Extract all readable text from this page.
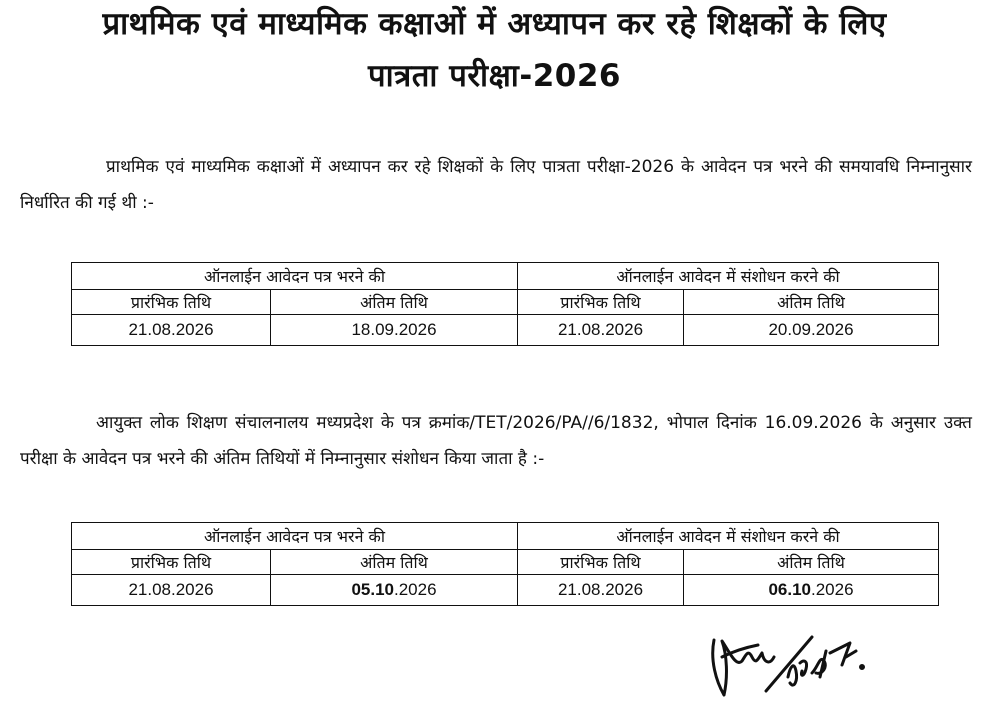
प्राथमिक एवं माध्यमिक कक्षाओं में अध्यापन कर रहे शिक्षकों के लिए
पात्रता परीक्षा-2026
प्राथमिक एवं माध्यमिक कक्षाओं में अध्यापन कर रहे शिक्षकों के लिए पात्रता परीक्षा-2026 के आवेदन पत्र भरने की समयावधि निम्नानुसार निर्धारित की गई थी :-
ऑनलाईन आवेदन पत्र भरने की		ऑनलाईन आवेदन में संशोधन करने की	
प्रारंभिक तिथि	अंतिम तिथि	प्रारंभिक तिथि	अंतिम तिथि
21.08.2026	18.09.2026	21.08.2026	20.09.2026
आयुक्त लोक शिक्षण संचालनालय मध्यप्रदेश के पत्र क्रमांक/TET/2026/PA//6/1832, भोपाल दिनांक 16.09.2026 के अनुसार उक्त परीक्षा के आवेदन पत्र भरने की अंतिम तिथियों में निम्नानुसार संशोधन किया जाता है :-
ऑनलाईन आवेदन पत्र भरने की		ऑनलाईन आवेदन में संशोधन करने की	
प्रारंभिक तिथि	अंतिम तिथि	प्रारंभिक तिथि	अंतिम तिथि
21.08.2026	05.10.2026	21.08.2026	06.10.2026
